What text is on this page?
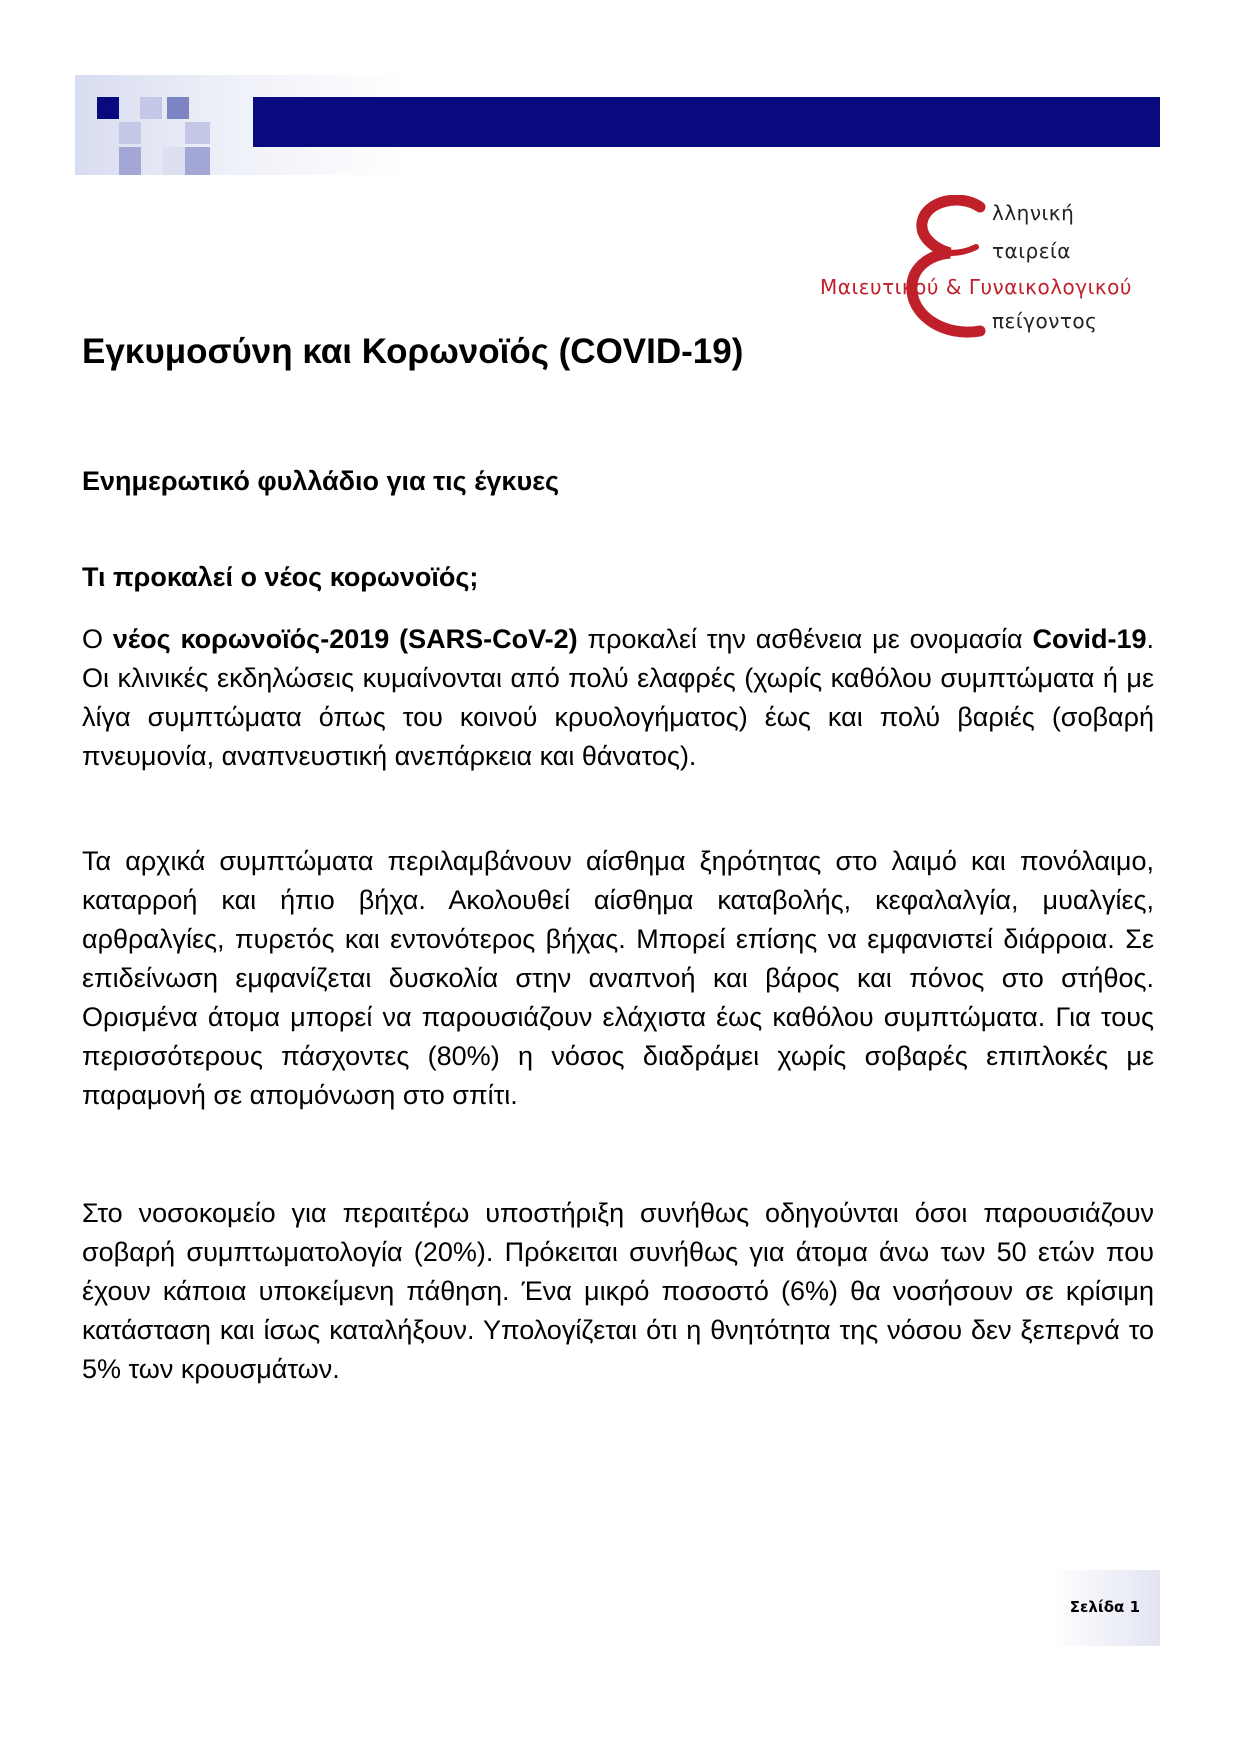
λληνική
ταιρεία
Μαιευτικού & Γυναικολογικού
πείγοντος
Εγκυμοσύνη και Κορωνοϊός (COVID-19)
Ενημερωτικό φυλλάδιο για τις έγκυες
Τι προκαλεί ο νέος κορωνοϊός;

Ο νέος κορωνοϊός-2019 (SARS-CoV-2) προκαλεί την ασθένεια με ονομασία Covid-19. Οι κλινικές εκδηλώσεις κυμαίνονται από πολύ ελαφρές (χωρίς καθόλου συμπτώματα ή με λίγα συμπτώματα όπως του κοινού κρυολογήματος) έως και πολύ βαριές (σοβαρή πνευμονία, αναπνευστική ανεπάρκεια και θάνατος).

Τα αρχικά συμπτώματα περιλαμβάνουν αίσθημα ξηρότητας στο λαιμό και πονόλαιμο, καταρροή και ήπιο βήχα. Ακολουθεί αίσθημα καταβολής, κεφαλαλγία, μυαλγίες, αρθραλγίες, πυρετός και εντονότερος βήχας. Μπορεί επίσης να εμφανιστεί διάρροια. Σε επιδείνωση εμφανίζεται δυσκολία στην αναπνοή και βάρος και πόνος στο στήθος. Ορισμένα άτομα μπορεί να παρουσιάζουν ελάχιστα έως καθόλου συμπτώματα. Για τους περισσότερους πάσχοντες (80%) η νόσος διαδράμει χωρίς σοβαρές επιπλοκές με παραμονή σε απομόνωση στο σπίτι.

Στο νοσοκομείο για περαιτέρω υποστήριξη συνήθως οδηγούνται όσοι παρουσιάζουν σοβαρή συμπτωματολογία (20%). Πρόκειται συνήθως για άτομα άνω των 50 ετών που έχουν κάποια υποκείμενη πάθηση. Ένα μικρό ποσοστό (6%) θα νοσήσουν σε κρίσιμη κατάσταση και ίσως καταλήξουν. Υπολογίζεται ότι η θνητότητα της νόσου δεν ξεπερνά το 5% των κρουσμάτων.

Σελίδα 1
